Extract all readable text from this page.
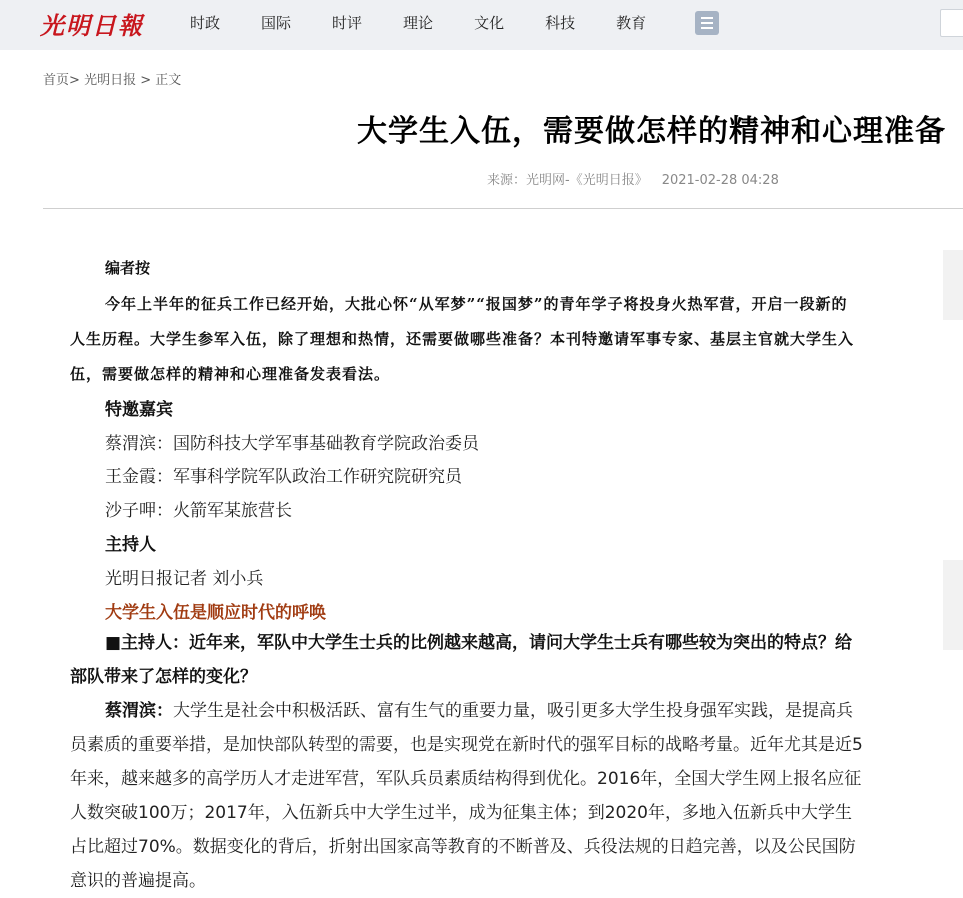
光明日報	时政	国际	时评	理论	文化	科技	教育
首页> 光明日报 > 正文
大学生入伍，需要做怎样的精神和心理准备
来源：光明网-《光明日报》 2021-02-28 04:28
编者按
今年上半年的征兵工作已经开始，大批心怀“从军梦”“报国梦”的青年学子将投身火热军营，开启一段新的人生历程。大学生参军入伍，除了理想和热情，还需要做哪些准备？本刊特邀请军事专家、基层主官就大学生入伍，需要做怎样的精神和心理准备发表看法。
特邀嘉宾
蔡渭滨：国防科技大学军事基础教育学院政治委员
王金霞：军事科学院军队政治工作研究院研究员
沙子呷：火箭军某旅营长
主持人
光明日报记者 刘小兵
大学生入伍是顺应时代的呼唤
■主持人：近年来，军队中大学生士兵的比例越来越高，请问大学生士兵有哪些较为突出的特点？给部队带来了怎样的变化？
蔡渭滨：大学生是社会中积极活跃、富有生气的重要力量，吸引更多大学生投身强军实践，是提高兵员素质的重要举措，是加快部队转型的需要，也是实现党在新时代的强军目标的战略考量。近年尤其是近5年来，越来越多的高学历人才走进军营，军队兵员素质结构得到优化。2016年，全国大学生网上报名应征人数突破100万；2017年，入伍新兵中大学生过半，成为征集主体；到2020年，多地入伍新兵中大学生占比超过70%。数据变化的背后，折射出国家高等教育的不断普及、兵役法规的日趋完善，以及公民国防意识的普遍提高。
